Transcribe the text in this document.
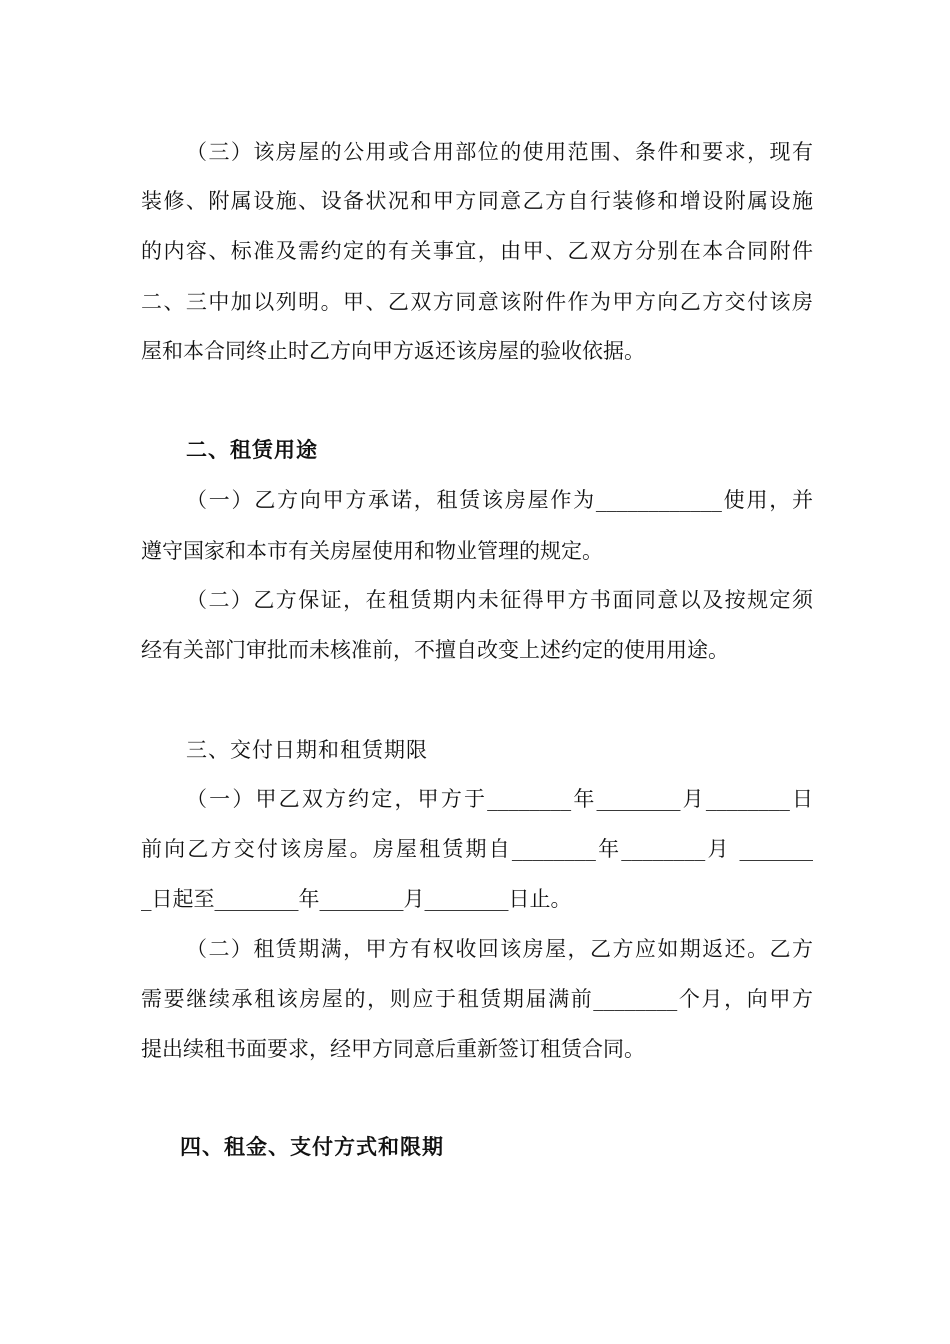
（三）该房屋的公用或合用部位的使用范围、条件和要求，现有
装修、附属设施、设备状况和甲方同意乙方自行装修和增设附属设施
的内容、标准及需约定的有关事宜，由甲、乙双方分别在本合同附件
二、三中加以列明。甲、乙双方同意该附件作为甲方向乙方交付该房
屋和本合同终止时乙方向甲方返还该房屋的验收依据。
二、租赁用途
（一）乙方向甲方承诺，租赁该房屋作为____________使用，并
遵守国家和本市有关房屋使用和物业管理的规定。
（二）乙方保证，在租赁期内未征得甲方书面同意以及按规定须
经有关部门审批而未核准前，不擅自改变上述约定的使用用途。
三、交付日期和租赁期限
（一）甲乙双方约定，甲方于________年________月________日
前向乙方交付该房屋。房屋租赁期自________年________月 _______
_日起至________年________月________日止。
（二）租赁期满，甲方有权收回该房屋，乙方应如期返还。乙方
需要继续承租该房屋的，则应于租赁期届满前________个月，向甲方
提出续租书面要求，经甲方同意后重新签订租赁合同。
四、租金、支付方式和限期
